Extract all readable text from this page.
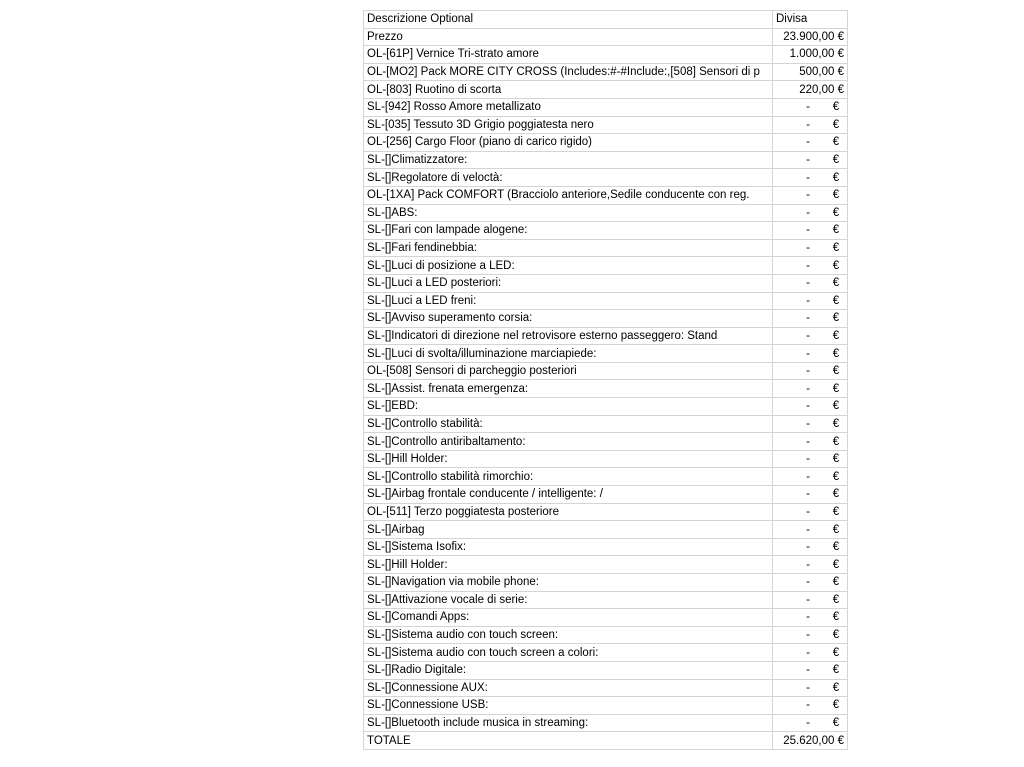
Descrizione Optional	Divisa
Prezzo	23.900,00 €
OL-[61P] Vernice Tri-strato amore	1.000,00 €
OL-[MO2] Pack MORE CITY CROSS (Includes:#-#Include:,[508] Sensori di p	500,00 €
OL-[803] Ruotino di scorta	220,00 €
SL-[942] Rosso Amore metallizato	- €

SL-[035] Tessuto 3D Grigio poggiatesta nero	- €

OL-[256] Cargo Floor (piano di carico rigido)	- €

SL-[]Climatizzatore:	- €

SL-[]Regolatore di veloctà:	- €

OL-[1XA] Pack COMFORT (Bracciolo anteriore,Sedile conducente con reg.	- €

SL-[]ABS:	- €

SL-[]Fari con lampade alogene:	- €

SL-[]Fari fendinebbia:	- €

SL-[]Luci di posizione a LED:	- €

SL-[]Luci a LED posteriori:	- €

SL-[]Luci a LED freni:	- €

SL-[]Avviso superamento corsia:	- €

SL-[]Indicatori di direzione nel retrovisore esterno passeggero: Stand	- €

SL-[]Luci di svolta/illuminazione marciapiede:	- €

OL-[508] Sensori di parcheggio posteriori	- €

SL-[]Assist. frenata emergenza:	- €

SL-[]EBD:	- €

SL-[]Controllo stabilità:	- €

SL-[]Controllo antiribaltamento:	- €

SL-[]Hill Holder:	- €

SL-[]Controllo stabilità rimorchio:	- €

SL-[]Airbag frontale conducente / intelligente: /	- €

OL-[511] Terzo poggiatesta posteriore	- €

SL-[]Airbag	- €

SL-[]Sistema Isofix:	- €

SL-[]Hill Holder:	- €

SL-[]Navigation via mobile phone:	- €

SL-[]Attivazione vocale di serie:	- €

SL-[]Comandi Apps:	- €

SL-[]Sistema audio con touch screen:	- €

SL-[]Sistema audio con touch screen a colori:	- €

SL-[]Radio Digitale:	- €

SL-[]Connessione AUX:	- €

SL-[]Connessione USB:	- €

SL-[]Bluetooth include musica in streaming:	- €

TOTALE	25.620,00 €
